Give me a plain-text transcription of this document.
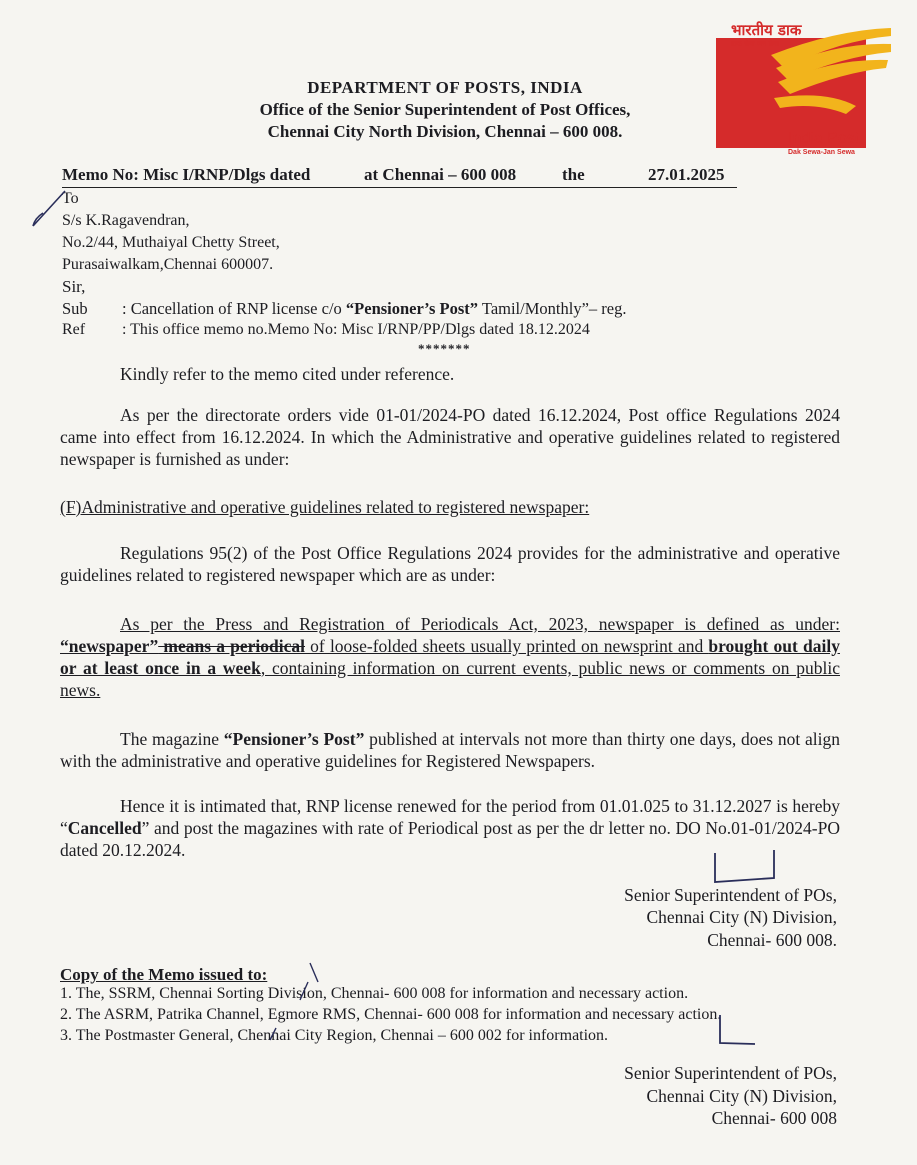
भारतीय डाक
डाक सेवा-जन सेवा
India Post
Dak Sewa-Jan Sewa
DEPARTMENT OF POSTS, INDIA
Office of the Senior Superintendent of Post Offices,
Chennai City North Division, Chennai – 600 008.
Memo No: Misc I/RNP/Dlgs dated	at Chennai – 600 008	the	27.01.2025
To
S/s K.Ragavendran,
No.2/44, Muthaiyal Chetty Street,
Purasaiwalkam,Chennai 600007.
Sir,
Sub : Cancellation of RNP license c/o “Pensioner’s Post” Tamil/Monthly”– reg.
Ref : This office memo no.Memo No: Misc I/RNP/PP/Dlgs dated 18.12.2024
*******
Kindly refer to the memo cited under reference.
As per the directorate orders vide 01-01/2024-PO dated 16.12.2024, Post office Regulations 2024 came into effect from 16.12.2024. In which the Administrative and operative guidelines related to registered newspaper is furnished as under:
(F)Administrative and operative guidelines related to registered newspaper:
Regulations 95(2) of the Post Office Regulations 2024 provides for the administrative and operative guidelines related to registered newspaper which are as under:
As per the Press and Registration of Periodicals Act, 2023, newspaper is defined as under: “newspaper” means a periodical of loose-folded sheets usually printed on newsprint and brought out daily or at least once in a week, containing information on current events, public news or comments on public news.
The magazine “Pensioner’s Post” published at intervals not more than thirty one days, does not align with the administrative and operative guidelines for Registered Newspapers.
Hence it is intimated that, RNP license renewed for the period from 01.01.025 to 31.12.2027 is hereby “Cancelled” and post the magazines with rate of Periodical post as per the dr letter no. DO No.01-01/2024-PO dated 20.12.2024.
Senior Superintendent of POs,
Chennai City (N) Division,
Chennai- 600 008.
Copy of the Memo issued to:
1. The, SSRM, Chennai Sorting Division, Chennai- 600 008 for information and necessary action.
2. The ASRM, Patrika Channel, Egmore RMS, Chennai- 600 008 for information and necessary action.
3. The Postmaster General, Chennai City Region, Chennai – 600 002 for information.
Senior Superintendent of POs,
Chennai City (N) Division,
Chennai- 600 008
